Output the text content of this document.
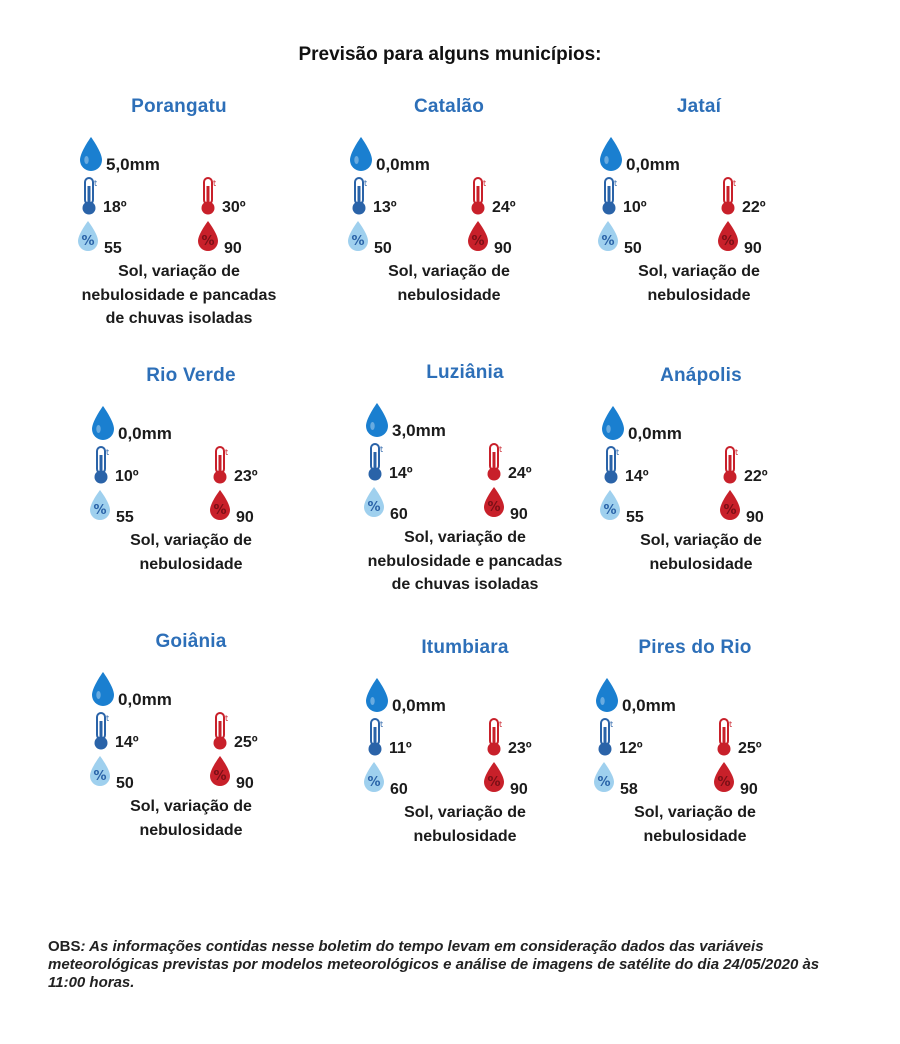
Previsão para alguns municípios:
Porangatu
5,0mm
t
18º
t
30º
% 55	% 90
Sol, variação de
nebulosidade e pancadas
de chuvas isoladas
Catalão
0,0mm
t
13º
t
24º
% 50	% 90
Sol, variação de
nebulosidade
Jataí
0,0mm
t
10º
t
22º
% 50	% 90
Sol, variação de
nebulosidade
Rio Verde
0,0mm
t
10º
t
23º
% 55	% 90
Sol, variação de
nebulosidade
Luziânia
3,0mm
t
14º
t
24º
% 60	% 90
Sol, variação de
nebulosidade e pancadas
de chuvas isoladas
Anápolis
0,0mm
t
14º
t
22º
% 55	% 90
Sol, variação de
nebulosidade
Goiânia
0,0mm
t
14º
t
25º
% 50	% 90
Sol, variação de
nebulosidade
Itumbiara
0,0mm
t
11º
t
23º
% 60	% 90
Sol, variação de
nebulosidade
Pires do Rio
0,0mm
t
12º
t
25º
% 58	% 90
Sol, variação de
nebulosidade
OBS: As informações contidas nesse boletim do tempo levam em consideração dados das variáveis meteorológicas previstas por modelos meteorológicos e análise de imagens de satélite do dia 24/05/2020 às 11:00 horas.
